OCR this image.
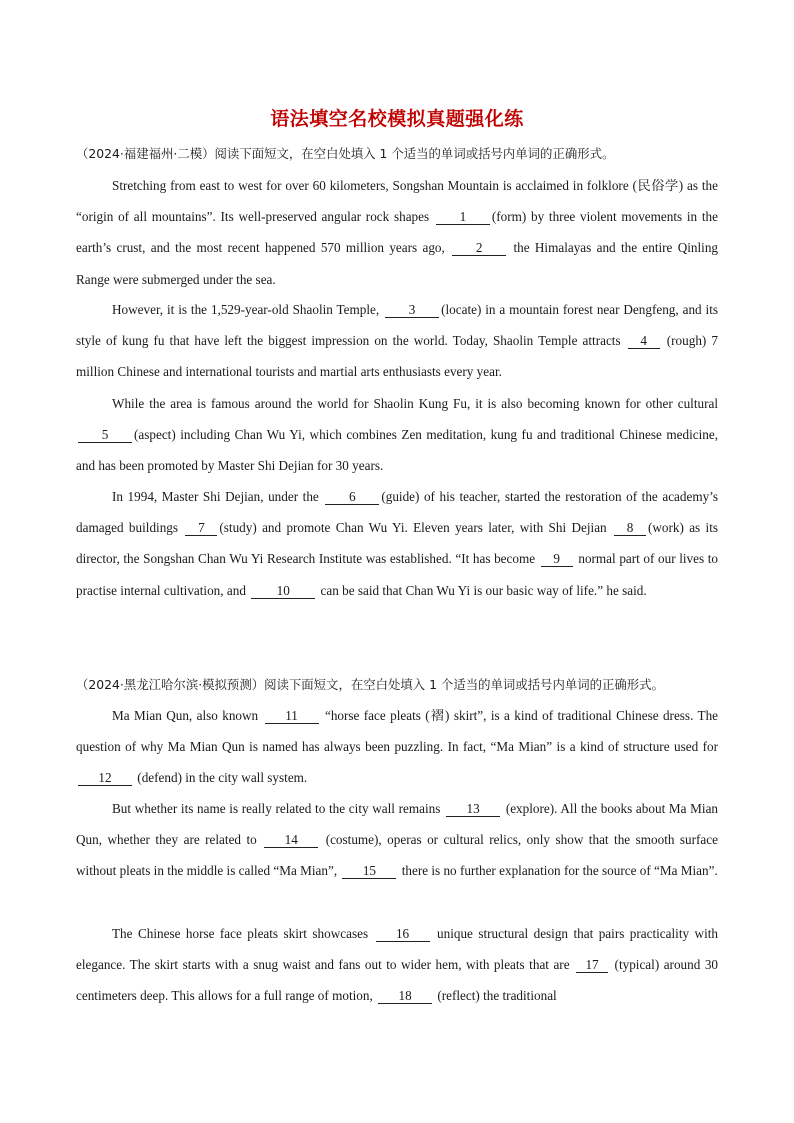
语法填空名校模拟真题强化练
（2024·福建福州·二模）阅读下面短文，在空白处填入 1 个适当的单词或括号内单词的正确形式。
Stretching from east to west for over 60 kilometers, Songshan Mountain is acclaimed in folklore (民俗学) as the “origin of all mountains”. Its well-preserved angular rock shapes 1 (form) by three violent movements in the earth’s crust, and the most recent happened 570 million years ago, 2 the Himalayas and the entire Qinling Range were submerged under the sea.
However, it is the 1,529-year-old Shaolin Temple, 3 (locate) in a mountain forest near Dengfeng, and its style of kung fu that have left the biggest impression on the world. Today, Shaolin Temple attracts 4 (rough) 7 million Chinese and international tourists and martial arts enthusiasts every year.
While the area is famous around the world for Shaolin Kung Fu, it is also becoming known for other cultural 5 (aspect) including Chan Wu Yi, which combines Zen meditation, kung fu and traditional Chinese medicine, and has been promoted by Master Shi Dejian for 30 years.
In 1994, Master Shi Dejian, under the 6 (guide) of his teacher, started the restoration of the academy’s damaged buildings 7 (study) and promote Chan Wu Yi. Eleven years later, with Shi Dejian 8 (work) as its director, the Songshan Chan Wu Yi Research Institute was established. “It has become 9 normal part of our lives to practise internal cultivation, and 10 can be said that Chan Wu Yi is our basic way of life.” he said.
（2024·黑龙江哈尔滨·模拟预测）阅读下面短文，在空白处填入 1 个适当的单词或括号内单词的正确形式。
Ma Mian Qun, also known 11 “horse face pleats (褶) skirt”, is a kind of traditional Chinese dress. The question of why Ma Mian Qun is named has always been puzzling. In fact, “Ma Mian” is a kind of structure used for 12 (defend) in the city wall system.
But whether its name is really related to the city wall remains 13 (explore). All the books about Ma Mian Qun, whether they are related to 14 (costume), operas or cultural relics, only show that the smooth surface without pleats in the middle is called “Ma Mian”, 15 there is no further explanation for the source of “Ma Mian”.
The Chinese horse face pleats skirt showcases 16 unique structural design that pairs practicality with elegance. The skirt starts with a snug waist and fans out to wider hem, with pleats that are 17 (typical) around 30 centimeters deep. This allows for a full range of motion, 18 (reflect) the traditional
